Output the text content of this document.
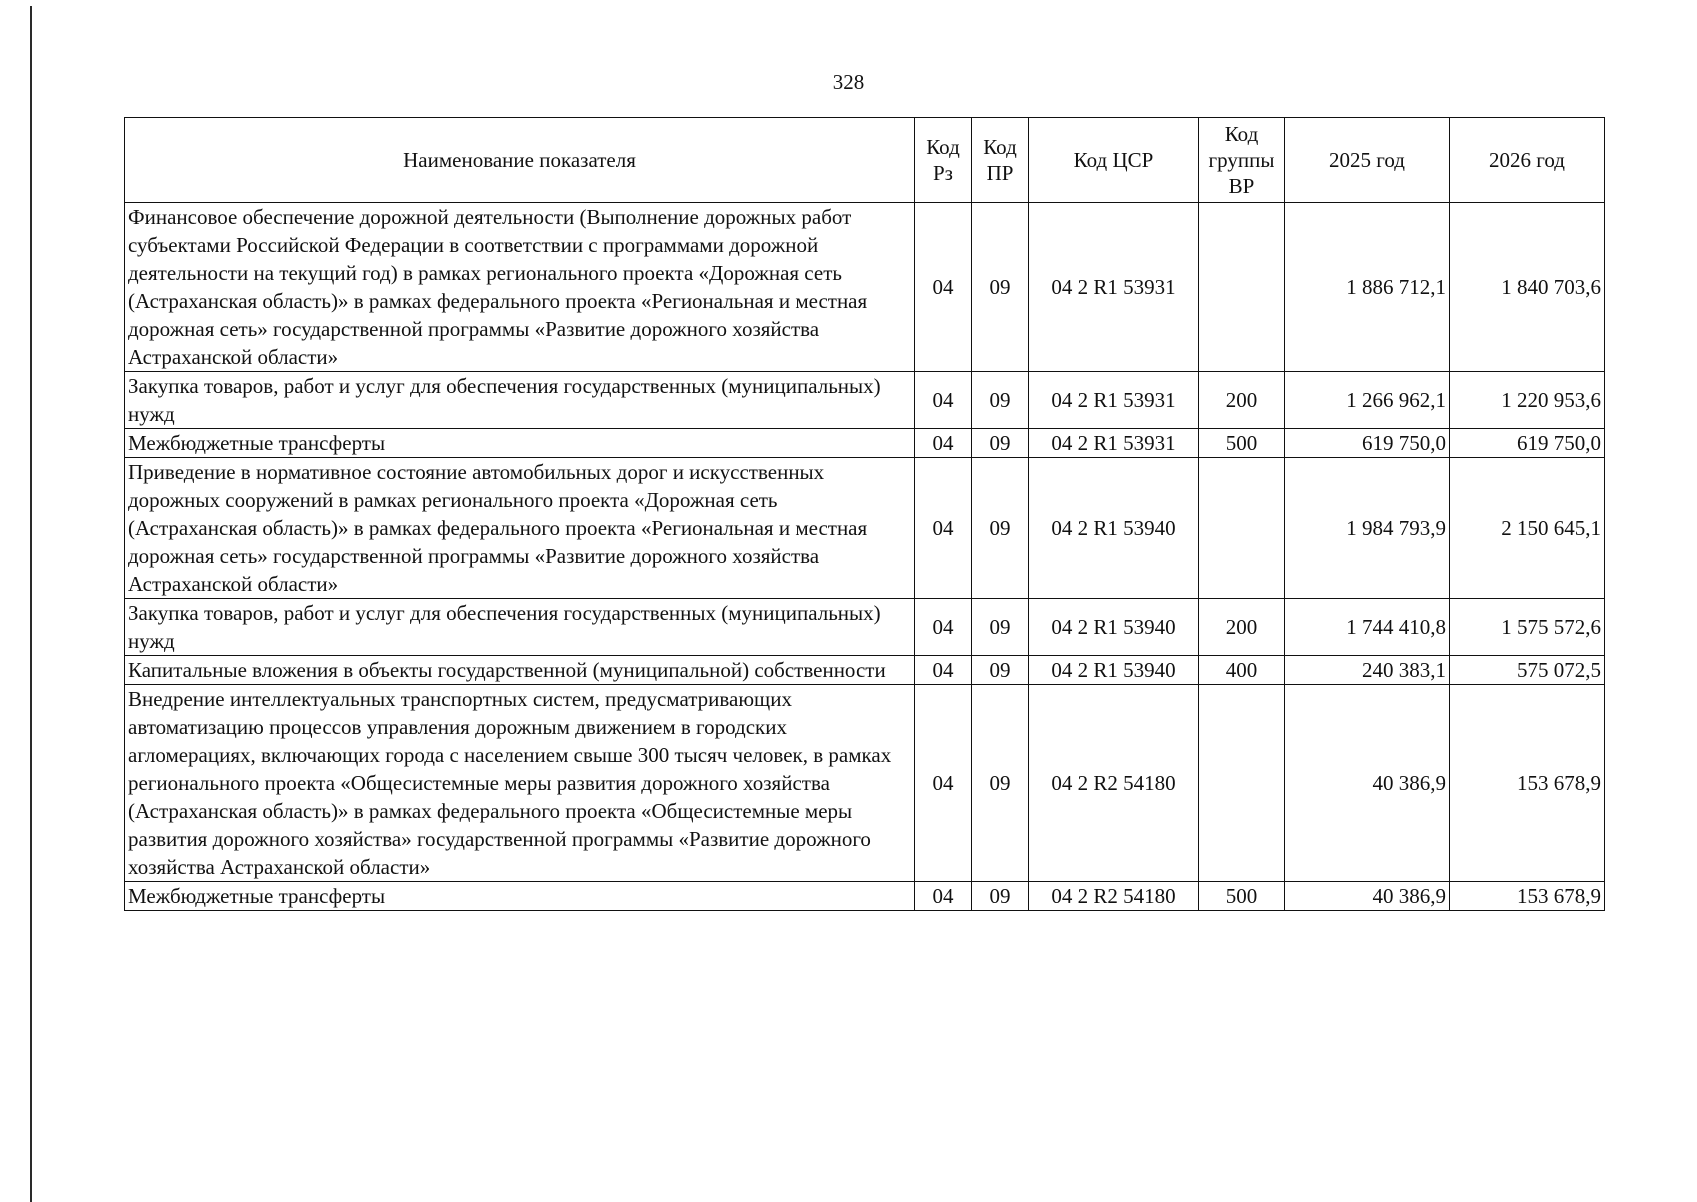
328
Наименование показателя	Код Рз	Код ПР	Код ЦСР	Код группы ВР	2025 год	2026 год
Финансовое обеспечение дорожной деятельности (Выполнение дорожных работ субъектами Российской Федерации в соответствии с программами дорожной деятельности на текущий год) в рамках регионального проекта «Дорожная сеть (Астраханская область)» в рамках федерального проекта «Региональная и местная дорожная сеть» государственной программы «Развитие дорожного хозяйства Астраханской области»	04	09	04 2 R1 53931		1 886 712,1	1 840 703,6
Закупка товаров, работ и услуг для обеспечения государственных (муниципальных) нужд	04	09	04 2 R1 53931	200	1 266 962,1	1 220 953,6
Межбюджетные трансферты	04	09	04 2 R1 53931	500	619 750,0	619 750,0
Приведение в нормативное состояние автомобильных дорог и искусственных дорожных сооружений в рамках регионального проекта «Дорожная сеть (Астраханская область)» в рамках федерального проекта «Региональная и местная дорожная сеть» государственной программы «Развитие дорожного хозяйства Астраханской области»	04	09	04 2 R1 53940		1 984 793,9	2 150 645,1
Закупка товаров, работ и услуг для обеспечения государственных (муниципальных) нужд	04	09	04 2 R1 53940	200	1 744 410,8	1 575 572,6
Капитальные вложения в объекты государственной (муниципальной) собственности	04	09	04 2 R1 53940	400	240 383,1	575 072,5
Внедрение интеллектуальных транспортных систем, предусматривающих автоматизацию процессов управления дорожным движением в городских агломерациях, включающих города с населением свыше 300 тысяч человек, в рамках регионального проекта «Общесистемные меры развития дорожного хозяйства (Астраханская область)» в рамках федерального проекта «Общесистемные меры развития дорожного хозяйства» государственной программы «Развитие дорожного хозяйства Астраханской области»	04	09	04 2 R2 54180		40 386,9	153 678,9
Межбюджетные трансферты	04	09	04 2 R2 54180	500	40 386,9	153 678,9
